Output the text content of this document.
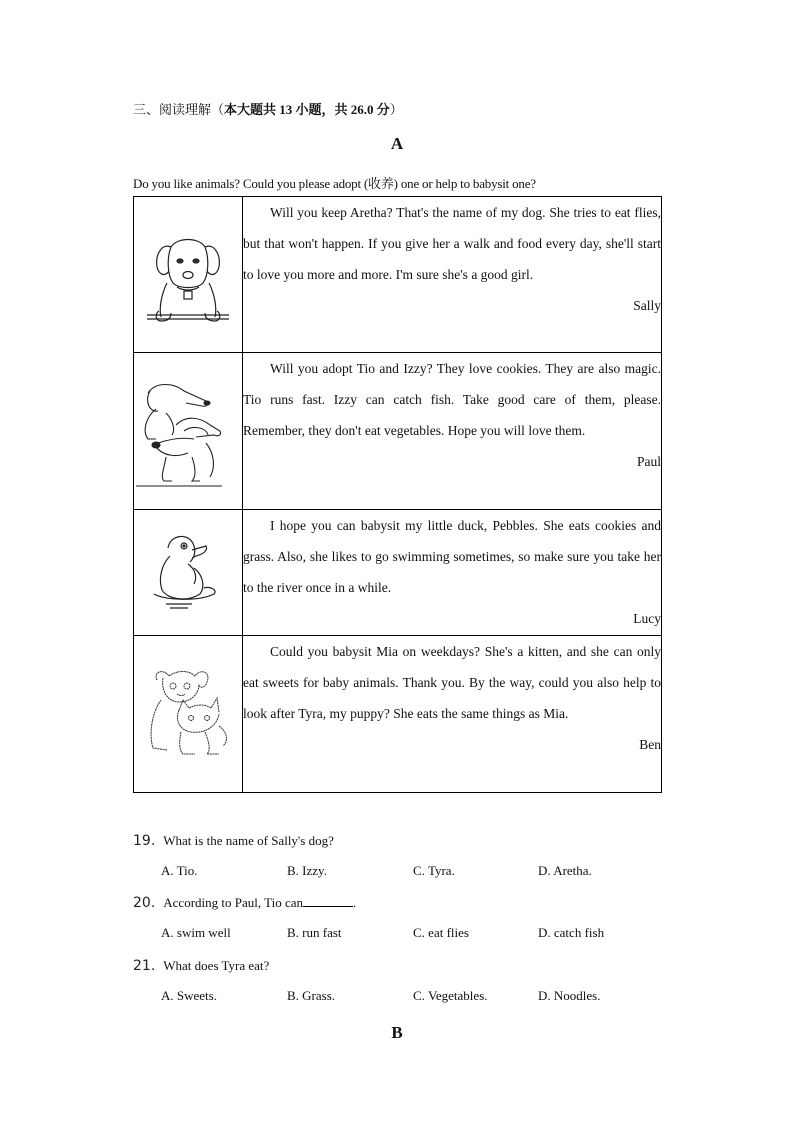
三、阅读理解（本大题共 13 小题，共 26.0 分）
A
Do you like animals? Could you please adopt (收养) one or help to babysit one?

Will you keep Aretha? That's the name of my dog. She tries to eat flies, but that won't happen. If you give her a walk and food every day, she'll start to love you more and more. I'm sure she's a good girl.
Sally

Will you adopt Tio and Izzy? They love cookies. They are also magic. Tio runs fast. Izzy can catch fish. Take good care of them, please. Remember, they don't eat vegetables. Hope you will love them.
Paul

I hope you can babysit my little duck, Pebbles. She eats cookies and grass. Also, she likes to go swimming sometimes, so make sure you take her to the river once in a while.
Lucy

Could you babysit Mia on weekdays? She's a kitten, and she can only eat sweets for baby animals. Thank you. By the way, could you also help to look after Tyra, my puppy? She eats the same things as Mia.
Ben
19. What is the name of Sally's dog?
A. Tio.	B. Izzy.	C. Tyra.	D. Aretha.
20. According to Paul, Tio can	.
A. swim well	B. run fast	C. eat flies	D. catch fish
21. What does Tyra eat?
A. Sweets.	B. Grass.	C. Vegetables.	D. Noodles.
B
